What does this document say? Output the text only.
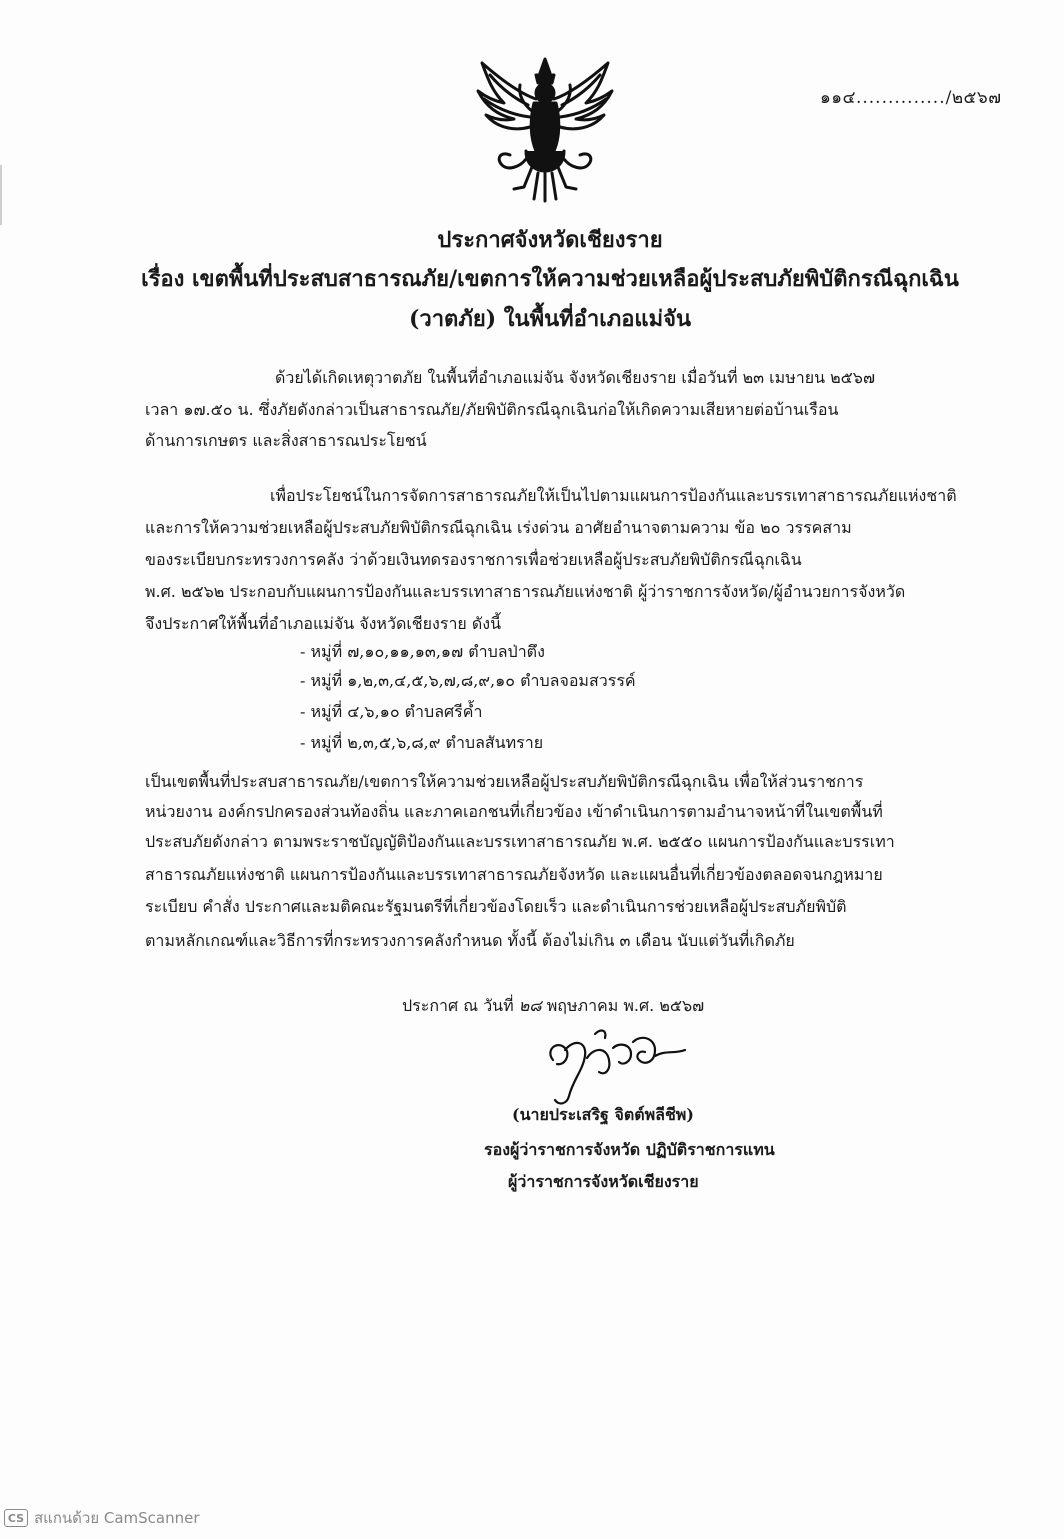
๑๑๔............../๒๕๖๗
ประกาศจังหวัดเชียงราย
เรื่อง เขตพื้นที่ประสบสาธารณภัย/เขตการให้ความช่วยเหลือผู้ประสบภัยพิบัติกรณีฉุกเฉิน
(วาตภัย) ในพื้นที่อำเภอแม่จัน
ด้วยได้เกิดเหตุวาตภัย ในพื้นที่อำเภอแม่จัน จังหวัดเชียงราย เมื่อวันที่ ๒๓ เมษายน ๒๕๖๗
เวลา ๑๗.๕๐ น. ซึ่งภัยดังกล่าวเป็นสาธารณภัย/ภัยพิบัติกรณีฉุกเฉินก่อให้เกิดความเสียหายต่อบ้านเรือน
ด้านการเกษตร และสิ่งสาธารณประโยชน์
เพื่อประโยชน์ในการจัดการสาธารณภัยให้เป็นไปตามแผนการป้องกันและบรรเทาสาธารณภัยแห่งชาติ
และการให้ความช่วยเหลือผู้ประสบภัยพิบัติกรณีฉุกเฉิน เร่งด่วน อาศัยอำนาจตามความ ข้อ ๒๐ วรรคสาม
ของระเบียบกระทรวงการคลัง ว่าด้วยเงินทดรองราชการเพื่อช่วยเหลือผู้ประสบภัยพิบัติกรณีฉุกเฉิน
พ.ศ. ๒๕๖๒ ประกอบกับแผนการป้องกันและบรรเทาสาธารณภัยแห่งชาติ ผู้ว่าราชการจังหวัด/ผู้อำนวยการจังหวัด
จึงประกาศให้พื้นที่อำเภอแม่จัน จังหวัดเชียงราย ดังนี้
- หมู่ที่ ๗,๑๐,๑๑,๑๓,๑๗ ตำบลป่าตึง
- หมู่ที่ ๑,๒,๓,๔,๕,๖,๗,๘,๙,๑๐ ตำบลจอมสวรรค์
- หมู่ที่ ๔,๖,๑๐ ตำบลศรีค้ำ
- หมู่ที่ ๒,๓,๕,๖,๘,๙ ตำบลสันทราย
เป็นเขตพื้นที่ประสบสาธารณภัย/เขตการให้ความช่วยเหลือผู้ประสบภัยพิบัติกรณีฉุกเฉิน เพื่อให้ส่วนราชการ
หน่วยงาน องค์กรปกครองส่วนท้องถิ่น และภาคเอกชนที่เกี่ยวข้อง เข้าดำเนินการตามอำนาจหน้าที่ในเขตพื้นที่
ประสบภัยดังกล่าว ตามพระราชบัญญัติป้องกันและบรรเทาสาธารณภัย พ.ศ. ๒๕๕๐ แผนการป้องกันและบรรเทา
สาธารณภัยแห่งชาติ แผนการป้องกันและบรรเทาสาธารณภัยจังหวัด และแผนอื่นที่เกี่ยวข้องตลอดจนกฎหมาย
ระเบียบ คำสั่ง ประกาศและมติคณะรัฐมนตรีที่เกี่ยวข้องโดยเร็ว และดำเนินการช่วยเหลือผู้ประสบภัยพิบัติ
ตามหลักเกณฑ์และวิธีการที่กระทรวงการคลังกำหนด ทั้งนี้ ต้องไม่เกิน ๓ เดือน นับแต่วันที่เกิดภัย
ประกาศ ณ วันที่ ๒๘ พฤษภาคม พ.ศ. ๒๕๖๗
(นายประเสริฐ จิตต์พลีชีพ)
รองผู้ว่าราชการจังหวัด ปฏิบัติราชการแทน
ผู้ว่าราชการจังหวัดเชียงราย
CS สแกนด้วย CamScanner
